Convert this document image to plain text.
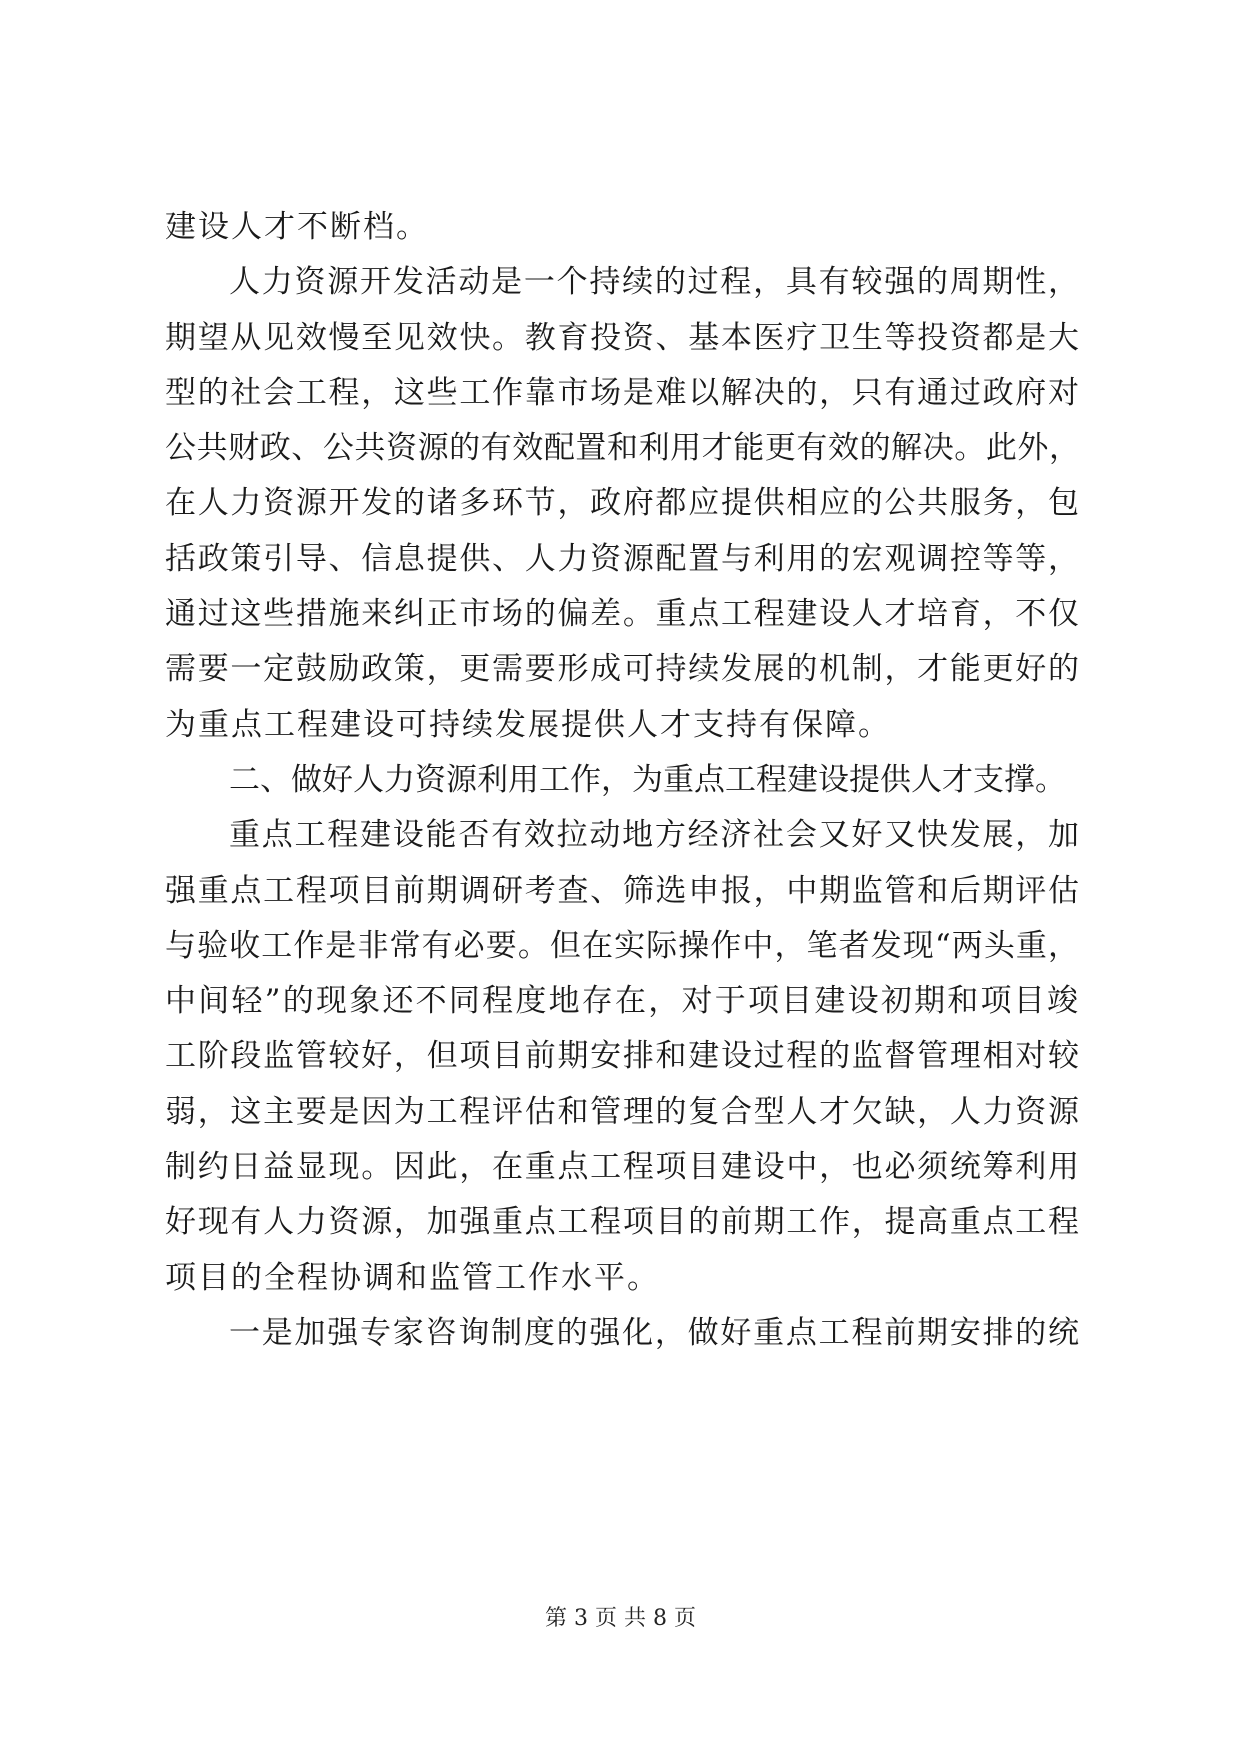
建设人才不断档。
人力资源开发活动是一个持续的过程，具有较强的周期性，
期望从见效慢至见效快。教育投资、基本医疗卫生等投资都是大
型的社会工程，这些工作靠市场是难以解决的，只有通过政府对
公共财政、公共资源的有效配置和利用才能更有效的解决。此外，
在人力资源开发的诸多环节，政府都应提供相应的公共服务，包
括政策引导、信息提供、人力资源配置与利用的宏观调控等等，
通过这些措施来纠正市场的偏差。重点工程建设人才培育，不仅
需要一定鼓励政策，更需要形成可持续发展的机制，才能更好的
为重点工程建设可持续发展提供人才支持有保障。
二、做好人力资源利用工作，为重点工程建设提供人才支撑。
重点工程建设能否有效拉动地方经济社会又好又快发展，加
强重点工程项目前期调研考查、筛选申报，中期监管和后期评估
与验收工作是非常有必要。但在实际操作中，笔者发现“两头重，
中间轻”的现象还不同程度地存在，对于项目建设初期和项目竣
工阶段监管较好，但项目前期安排和建设过程的监督管理相对较
弱，这主要是因为工程评估和管理的复合型人才欠缺，人力资源
制约日益显现。因此，在重点工程项目建设中，也必须统筹利用
好现有人力资源，加强重点工程项目的前期工作，提高重点工程
项目的全程协调和监管工作水平。
一是加强专家咨询制度的强化，做好重点工程前期安排的统
第 3 页 共 8 页
